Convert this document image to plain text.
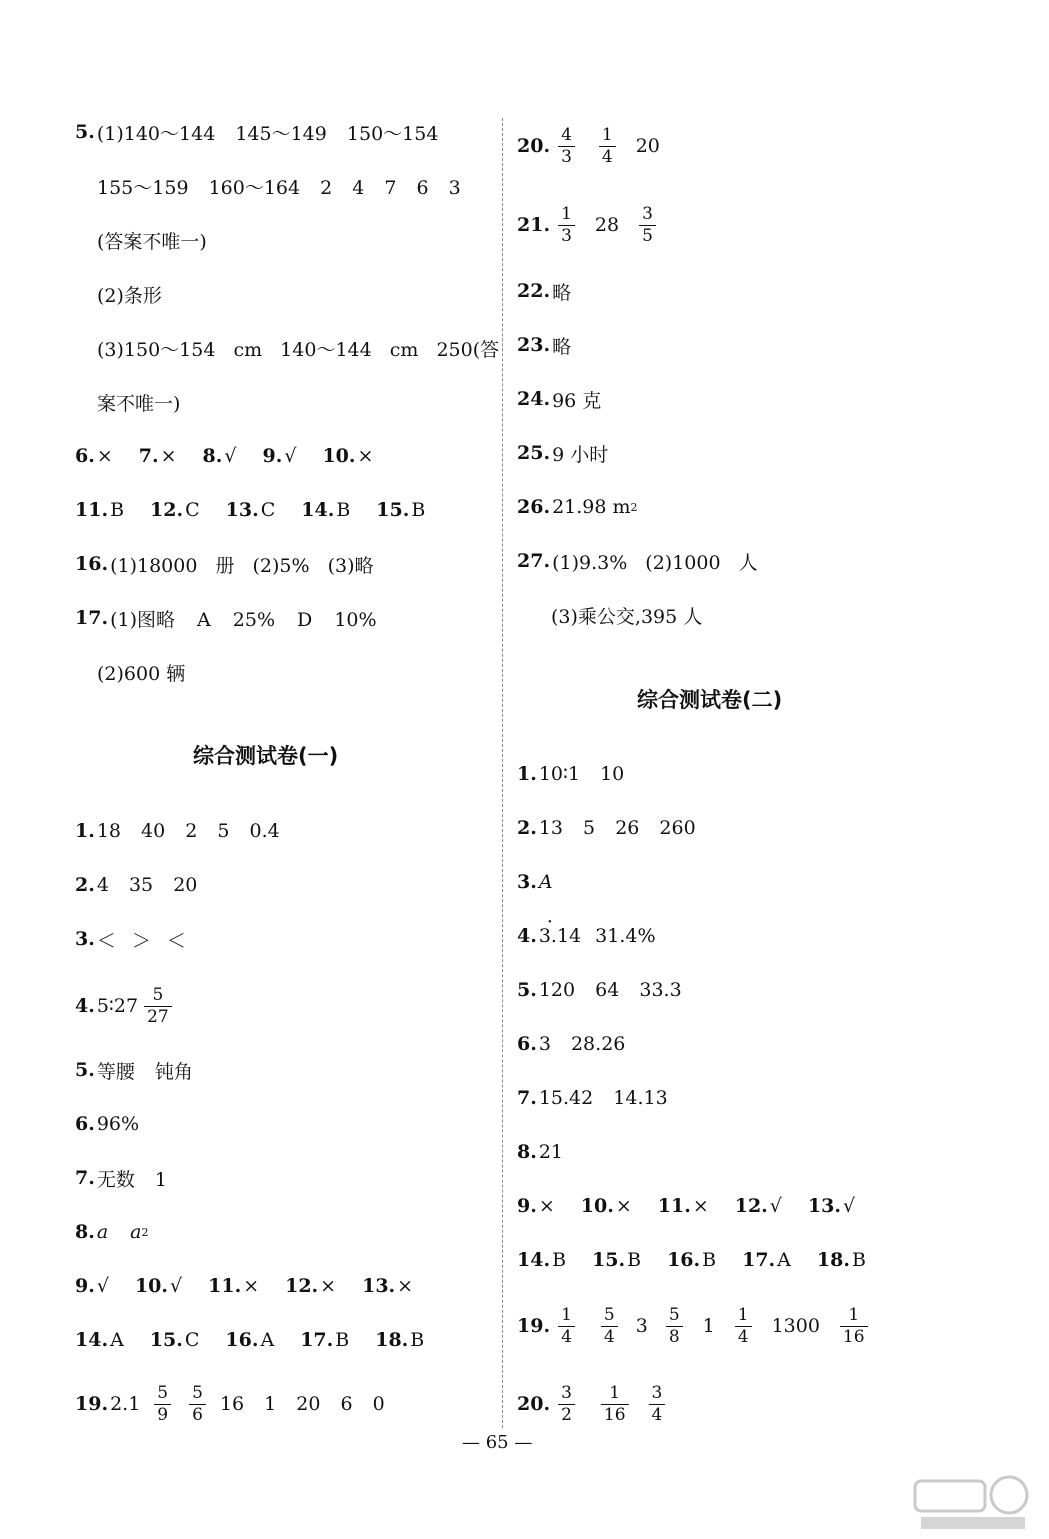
5. (1)140～144 145～149 150～154
155～159 160～164 2 4 7 6 3
(答案不唯一)
(2)条形
(3)150～154 cm 140～144 cm 250(答
案不唯一)
6. × 7. × 8. √ 9. √ 10. ×
11. B 12. C 13. C 14. B 15. B
16. (1)18000 册 (2)5% (3)略
17. (1)图略 A 25% D 10%
(2)600 辆
综合测试卷(一)
1. 18 40 2 5 0.4
2. 4 35 20
3. ＜ ＞ ＜
4. 5∶27 $\frac{5}{27}$
5. 等腰 钝角
6. 96%
7. 无数 1
8. a a 2
9. √ 10. √ 11. × 12. × 13. ×
14. A 15. C 16. A 17. B 18. B
19. $2.1 \frac{5}{9} \frac{5}{6} 16$ 1 20 6 0
20. $\frac{4}{3} \frac{1}{4} 20$
21. $\frac{1}{3} 28 \frac{3}{5}$
22. 略
23. 略
24. 96 克
25. 9 小时
26. 21.98 m 2
27. (1)9.3% (2)1000 人
(3)乘公交,395 人
综合测试卷(二)
1. 10∶1 10
2. 13 5 26 260
3. A
4.
· 3.14 31.4%
5. 120 64 33.3
6. 3 28.26
7. 15.42 14.13
8. 21
9. × 10. × 11. × 12. √ 13. √
14. B 15. B 16. B 17. A 18. B
19. $\frac{1}{4} \frac{5}{4} 3 \frac{5}{8} 1 \frac{1}{4} 1300 \frac{1}{16}$
20. $\frac{3}{2} \frac{1}{16} \frac{3}{4}$
— 65 —
